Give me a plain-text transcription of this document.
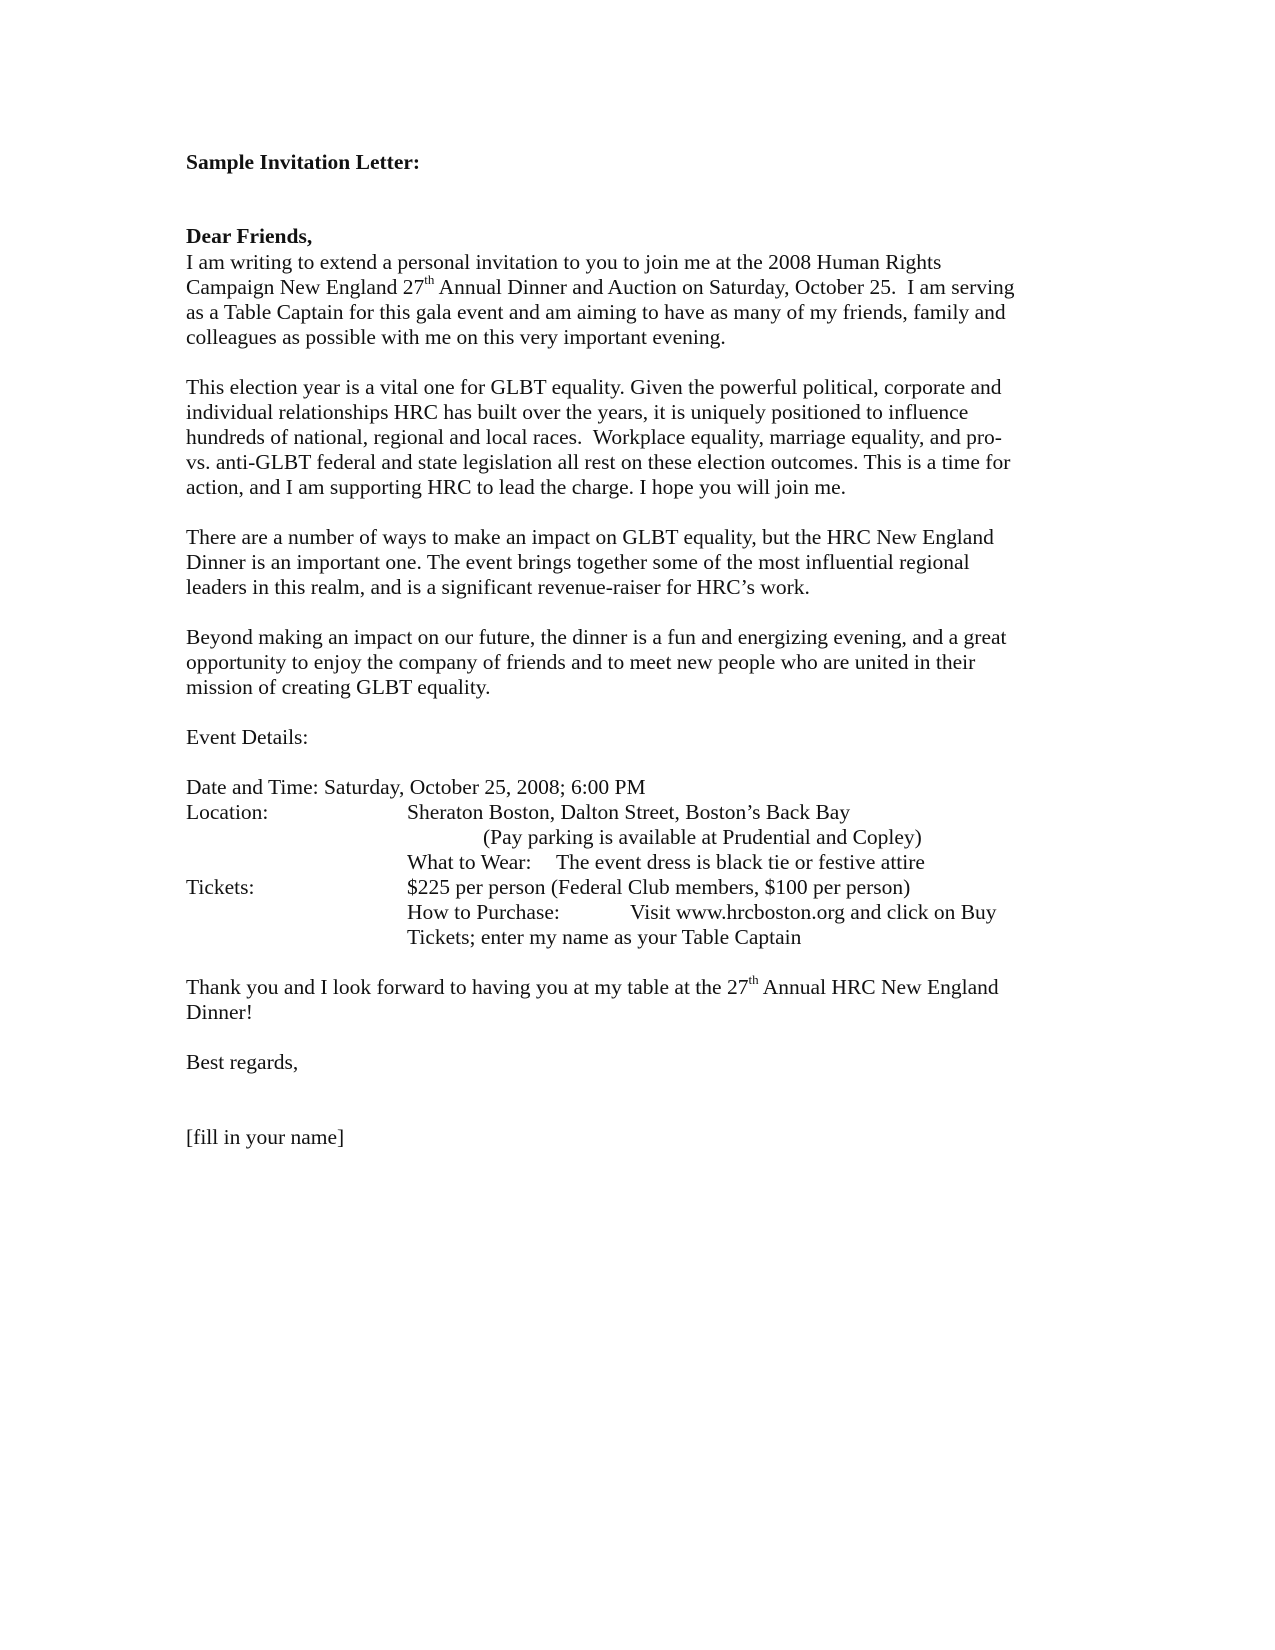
Sample Invitation Letter:
Dear Friends,
I am writing to extend a personal invitation to you to join me at the 2008 Human Rights
Campaign New England 27th Annual Dinner and Auction on Saturday, October 25.  I am serving
as a Table Captain for this gala event and am aiming to have as many of my friends, family and
colleagues as possible with me on this very important evening.
This election year is a vital one for GLBT equality. Given the powerful political, corporate and
individual relationships HRC has built over the years, it is uniquely positioned to influence
hundreds of national, regional and local races.  Workplace equality, marriage equality, and pro-
vs. anti-GLBT federal and state legislation all rest on these election outcomes. This is a time for
action, and I am supporting HRC to lead the charge. I hope you will join me.
There are a number of ways to make an impact on GLBT equality, but the HRC New England
Dinner is an important one. The event brings together some of the most influential regional
leaders in this realm, and is a significant revenue-raiser for HRC’s work.
Beyond making an impact on our future, the dinner is a fun and energizing evening, and a great
opportunity to enjoy the company of friends and to meet new people who are united in their
mission of creating GLBT equality.
Event Details:
Date and Time: Saturday, October 25, 2008; 6:00 PM
Location:	Sheraton Boston, Dalton Street, Boston’s Back Bay
(Pay parking is available at Prudential and Copley)
What to Wear: The event dress is black tie or festive attire
Tickets:	$225 per person (Federal Club members, $100 per person)
How to Purchase:	Visit www.hrcboston.org and click on Buy
Tickets; enter my name as your Table Captain
Thank you and I look forward to having you at my table at the 27th Annual HRC New England
Dinner!
Best regards,
[fill in your name]
